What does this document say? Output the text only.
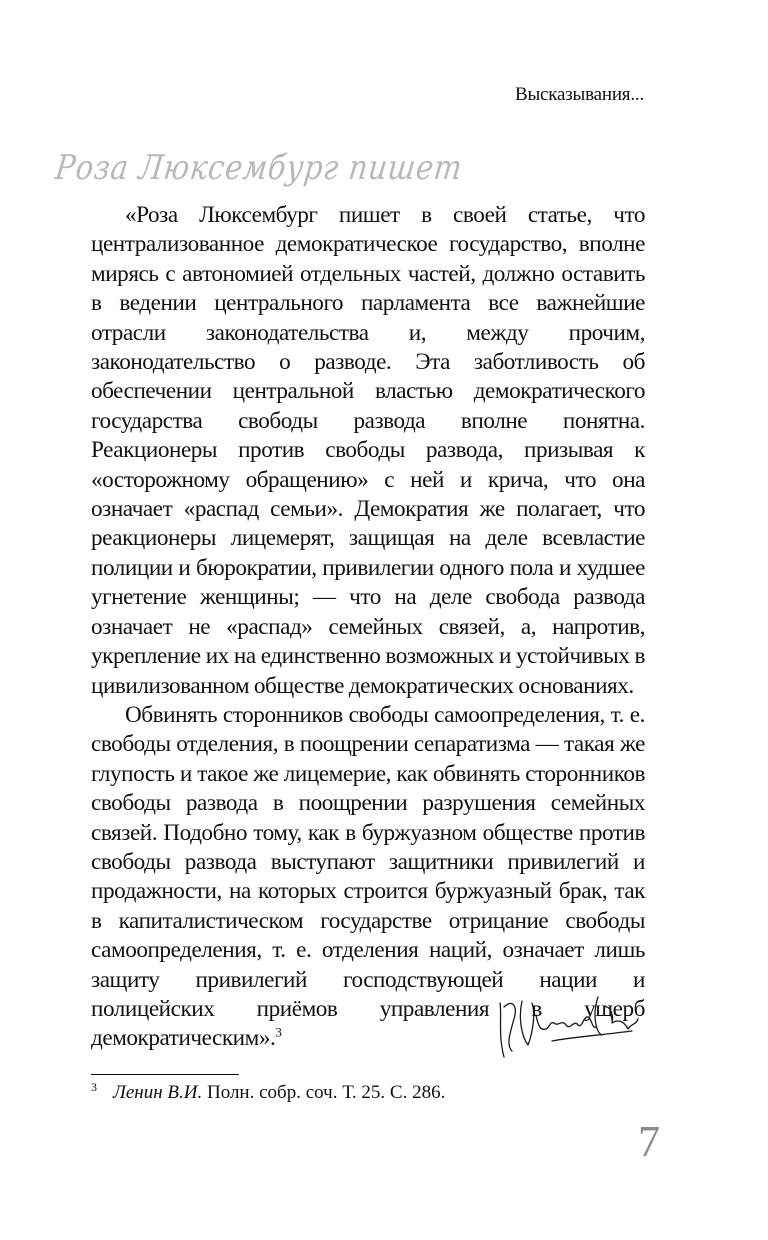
Высказывания...
Роза Люксембург пишет

«Роза Люксембург пишет в своей статье, что централизованное демократическое государство, вполне мирясь с автономией отдельных частей, должно оставить в ведении центрального парламента все важнейшие отрасли законодательства и, между прочим, законодательство о разводе. Эта заботливость об обеспечении центральной властью демократического государства свободы развода вполне понятна. Реакционеры против свободы развода, призывая к «осторожному обращению» с ней и крича, что она означает «распад семьи». Демократия же полагает, что реакционеры лицемерят, защищая на деле всевластие полиции и бюрократии, привилегии одного пола и худшее угнетение женщины; — что на деле свобода развода означает не «распад» семейных связей, а, напротив, укрепление их на единственно возможных и устойчивых в цивилизованном обществе демократических основаниях.

Обвинять сторонников свободы самоопределения, т. е. свободы отделения, в поощрении сепаратизма — такая же глупость и такое же лицемерие, как обвинять сторонников свободы развода в поощрении разрушения семейных связей. Подобно тому, как в буржуазном обществе против свободы развода выступают защитники привилегий и продажности, на которых строится буржуазный брак, так в капиталистическом государстве отрицание свободы самоопределения, т. е. отделения наций, означает лишь защиту привилегий господствующей нации и полицейских приёмов управления в ущерб демократическим».$^3$

3 Ленин В.И. Полн. собр. соч. Т. 25. С. 286.
7
